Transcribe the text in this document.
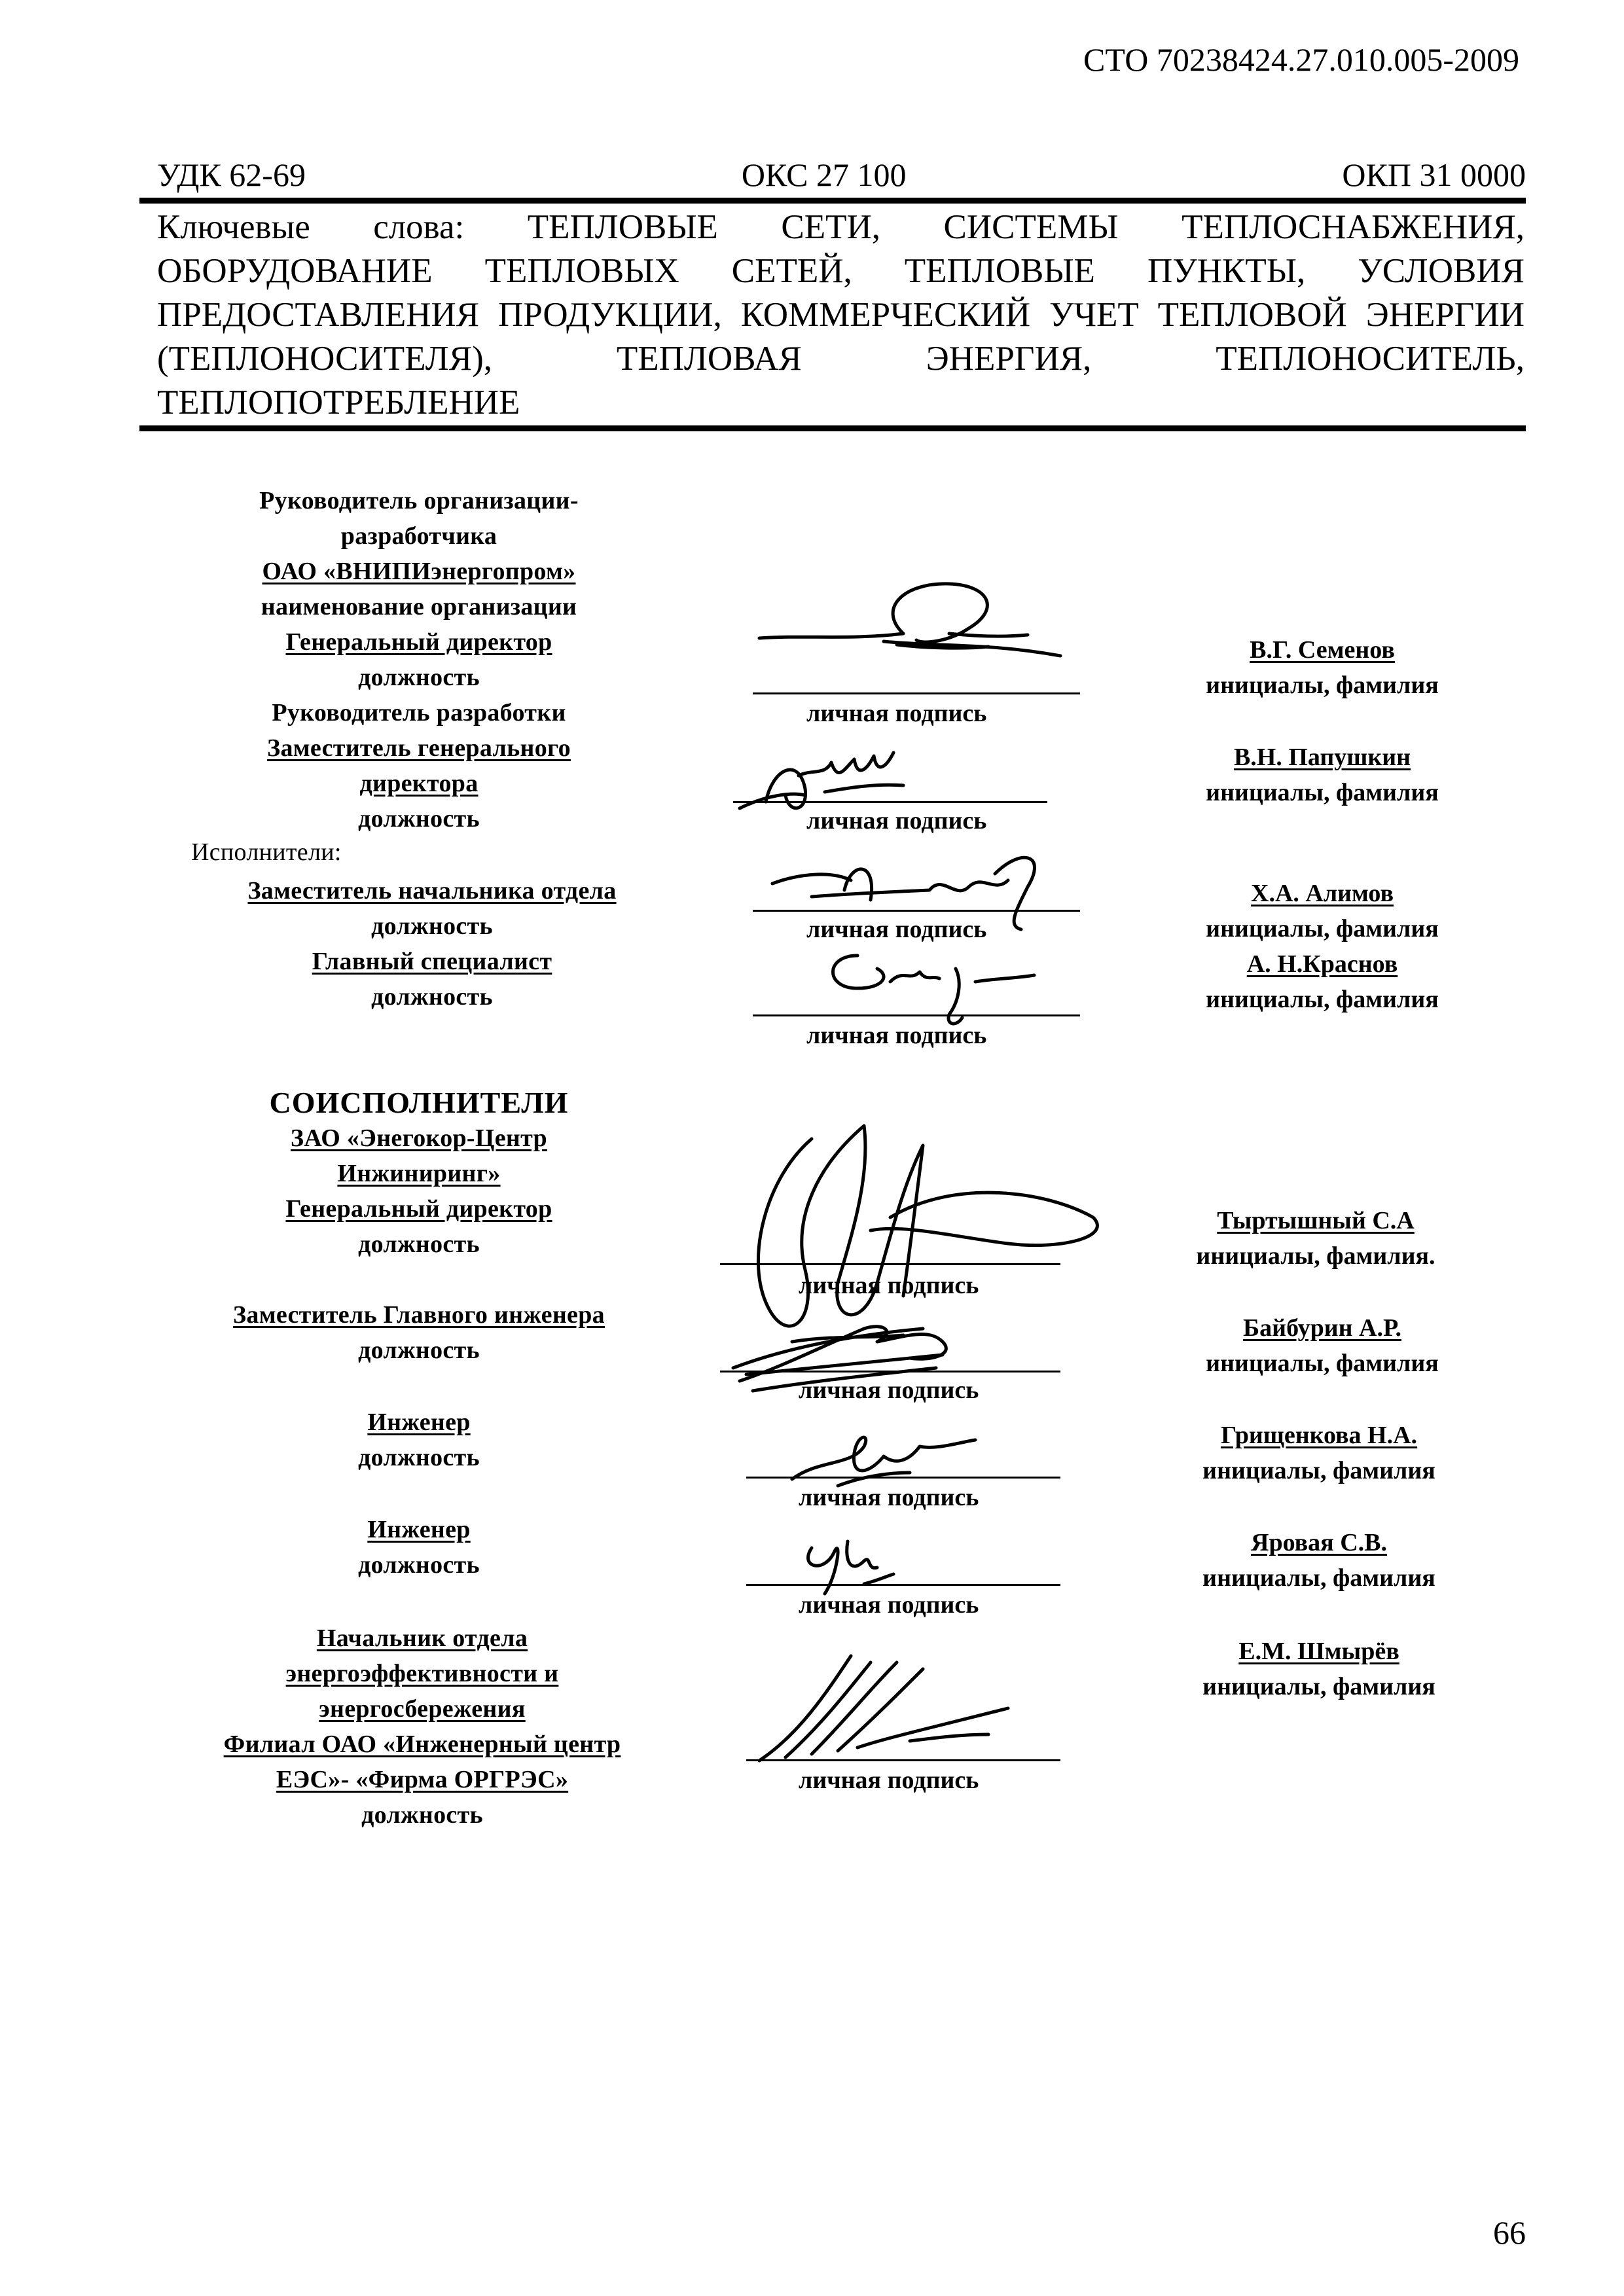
СТО 70238424.27.010.005-2009
УДК 62-69	ОКС 27 100	ОКП 31 0000
Ключевые слова: ТЕПЛОВЫЕ СЕТИ, СИСТЕМЫ ТЕПЛОСНАБЖЕНИЯ, ОБОРУДОВАНИЕ ТЕПЛОВЫХ СЕТЕЙ, ТЕПЛОВЫЕ ПУНКТЫ, УСЛОВИЯ ПРЕДОСТАВЛЕНИЯ ПРОДУКЦИИ, КОММЕРЧЕСКИЙ УЧЕТ ТЕПЛОВОЙ ЭНЕРГИИ (ТЕПЛОНОСИТЕЛЯ), ТЕПЛОВАЯ ЭНЕРГИЯ, ТЕПЛОНОСИТЕЛЬ, ТЕПЛОПОТРЕБЛЕНИЕ
Руководитель организации-
разработчика
ОАО «ВНИПИэнергопром»
наименование организации
Генеральный директор
должность
Руководитель разработки
Заместитель генерального
директора
должность
Исполнители:
Заместитель начальника отдела
должность
Главный специалист
должность
СОИСПОЛНИТЕЛИ
ЗАО «Энегокор-Центр
Инжиниринг»
Генеральный директор
должность
Заместитель Главного инженера
должность
Инженер
должность
Инженер
должность
Начальник отдела
энергоэффективности и
энергосбережения
Филиал ОАО «Инженерный центр
ЕЭС»- «Фирма ОРГРЭС»
должность
личная подпись
личная подпись
личная подпись
личная подпись
личная подпись
личная подпись
личная подпись
личная подпись
личная подпись
В.Г. Семенов
инициалы, фамилия
В.Н. Папушкин
инициалы, фамилия
Х.А. Алимов
инициалы, фамилия
А. Н.Краснов
инициалы, фамилия
Тыртышный С.А
инициалы, фамилия.
Байбурин А.Р.
инициалы, фамилия
Грищенкова Н.А.
инициалы, фамилия
Яровая С.В.
инициалы, фамилия
Е.М. Шмырёв
инициалы, фамилия
66
